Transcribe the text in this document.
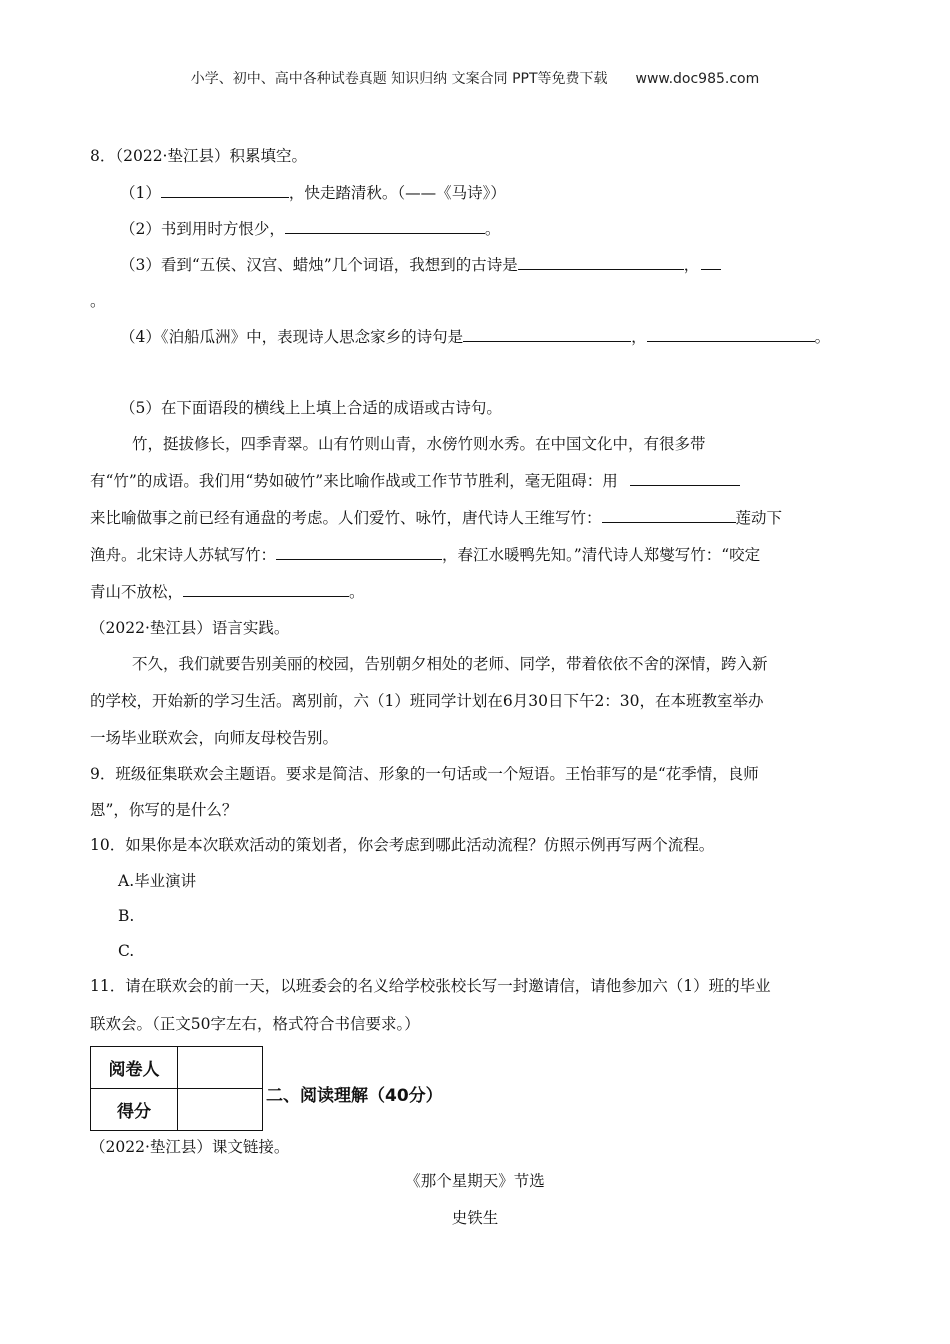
小学、初中、高中各种试卷真题 知识归纳 文案合同 PPT等免费下载 www.doc985.com
8．（2022·垫江县）积累填空。
（1）	，快走踏清秋。（——《马诗》）
（2）书到用时方恨少，	。
（3）看到“五侯、汉宫、蜡烛”几个词语，我想到的古诗是	，
。
（4）《泊船瓜洲》中，表现诗人思念家乡的诗句是	，	。
（5）在下面语段的横线上上填上合适的成语或古诗句。
竹，挺拔修长，四季青翠。山有竹则山青，水傍竹则水秀。在中国文化中，有很多带
有“竹”的成语。我们用“势如破竹”来比喻作战或工作节节胜利，毫无阻碍：用
来比喻做事之前已经有通盘的考虑。人们爱竹、咏竹，唐代诗人王维写竹：	莲动下
渔舟。北宋诗人苏轼写竹：	，春江水暖鸭先知。”清代诗人郑燮写竹：“咬定
青山不放松，	。
（2022·垫江县）语言实践。
不久，我们就要告别美丽的校园，告别朝夕相处的老师、同学，带着依依不舍的深情，跨入新
的学校，开始新的学习生活。离别前，六（1）班同学计划在6月30日下午2：30，在本班教室举办
一场毕业联欢会，向师友母校告别。
9．班级征集联欢会主题语。要求是简洁、形象的一句话或一个短语。王怡菲写的是“花季情，良师
恩”，你写的是什么？
10．如果你是本次联欢活动的策划者，你会考虑到哪此活动流程？仿照示例再写两个流程。
A.毕业演讲
B.
C.
11．请在联欢会的前一天，以班委会的名义给学校张校长写一封邀请信，请他参加六（1）班的毕业
联欢会。（正文50字左右，格式符合书信要求。）
阅卷人	
得分	
二、阅读理解（40分）
（2022·垫江县）课文链接。
《那个星期天》节选
史铁生
